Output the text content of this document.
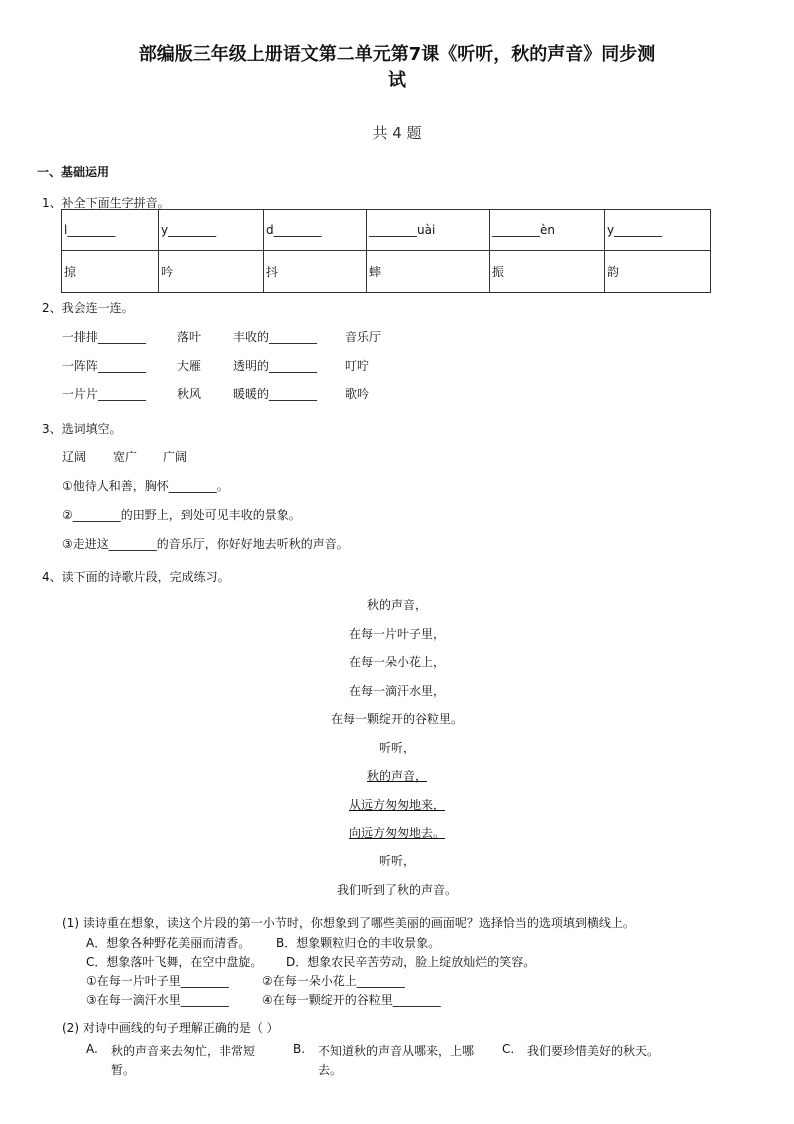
部编版三年级上册语文第二单元第7课《听听，秋的声音》同步测
试
共 4 题
一、基础运用
1、补全下面生字拼音。
l________	y________	d________	________uài	________èn	y________
掠	吟	抖	蟀	振	韵
2、我会连一连。
一排排________	落叶	丰收的________ 音乐厅
一阵阵________	大雁	透明的________ 叮咛
一片片________	秋风	暖暖的________ 歌吟
3、选词填空。
辽阔 宽广 广阔
①他待人和善，胸怀________。
②________的田野上，到处可见丰收的景象。
③走进这________的音乐厅，你好好地去听秋的声音。
4、读下面的诗歌片段，完成练习。
秋的声音，
在每一片叶子里，
在每一朵小花上，
在每一滴汗水里，
在每一颗绽开的谷粒里。
听听，
秋的声音，
从远方匆匆地来，
向远方匆匆地去。
听听，
我们听到了秋的声音。
(1) 读诗重在想象，读这个片段的第一小节时，你想象到了哪些美丽的画面呢？选择恰当的选项填到横线上。
A．想象各种野花美丽而清香。 B．想象颗粒归仓的丰收景象。
C．想象落叶飞舞，在空中盘旋。 D．想象农民辛苦劳动，脸上绽放灿烂的笑容。
①在每一片叶子里________	②在每一朵小花上________
③在每一滴汗水里________	④在每一颗绽开的谷粒里________
(2) 对诗中画线的句子理解正确的是（ ）
A. 秋的声音来去匆忙，非常短
暂。
B. 不知道秋的声音从哪来，上哪
去。
C. 我们要珍惜美好的秋天。
